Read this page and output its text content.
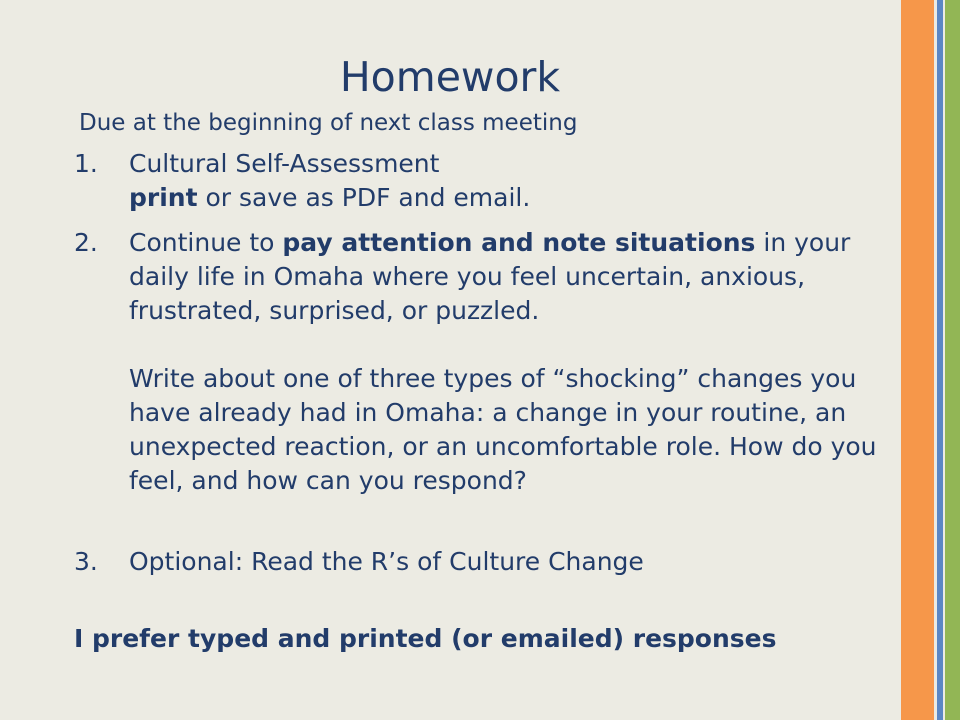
Homework
Due at the beginning of next class meeting
1. Cultural Self-Assessment
print or save as PDF and email.
2. Continue to pay attention and note situations in your daily life in Omaha where you feel uncertain, anxious, frustrated, surprised, or puzzled.
Write about one of three types of “shocking” changes you have already had in Omaha: a change in your routine, an unexpected reaction, or an uncomfortable role. How do you feel, and how can you respond?
3. Optional: Read the R’s of Culture Change
I prefer typed and printed (or emailed) responses
